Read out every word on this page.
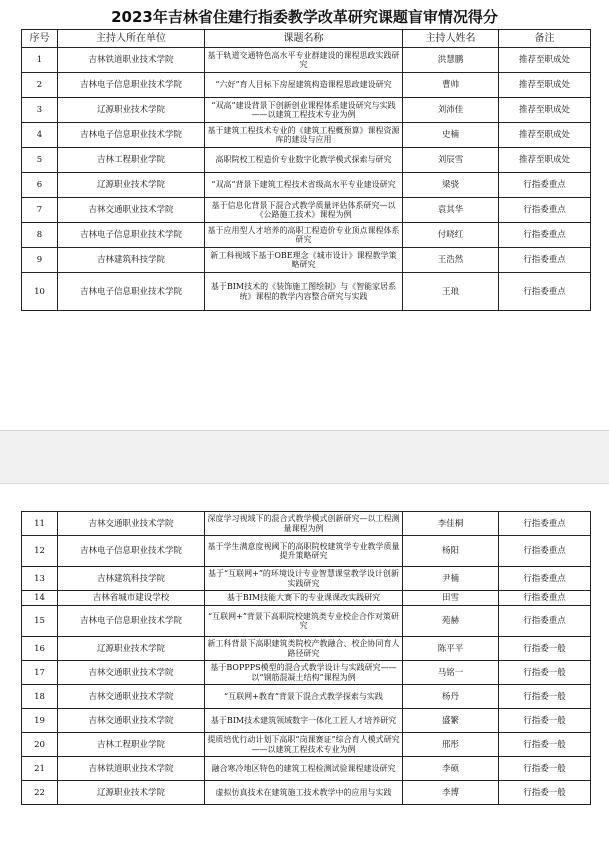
2023年吉林省住建行指委教学改革研究课题盲审情况得分
序号	主持人所在单位	课题名称	主持人姓名	备注
1	吉林铁道职业技术学院	基于轨道交通特色高水平专业群建设的课程思政实践研究	洪慧鹏	推荐至职成处
2	吉林电子信息职业技术学院	“六好”育人目标下房屋建筑构造课程思政建设研究	曹帅	推荐至职成处
3	辽源职业技术学院	“双高”建设背景下创新创业课程体系建设研究与实践——以建筑工程技术专业为例	刘沛佳	推荐至职成处
4	吉林电子信息职业技术学院	基于建筑工程技术专业的《建筑工程概预算》课程资源库的建设与应用	史楠	推荐至职成处
5	吉林工程职业学院	高职院校工程造价专业数字化教学模式探索与研究	刘辰雪	推荐至职成处
6	辽源职业技术学院	“双高”背景下建筑工程技术省级高水平专业建设研究	梁骁	行指委重点
7	吉林交通职业技术学院	基于信息化背景下混合式教学质量评估体系研究—以《公路施工技术》课程为例	袁其华	行指委重点
8	吉林电子信息职业技术学院	基于应用型人才培养的高职工程造价专业顶点课程体系研究	付晓红	行指委重点
9	吉林建筑科技学院	新工科视域下基于OBE理念《城市设计》课程教学策略研究	王浩然	行指委重点
10	吉林电子信息职业技术学院	基于BIM技术的《装饰施工图绘制》与《智能家居系统》课程的教学内容整合研究与实践	王琅	行指委重点
11	吉林交通职业技术学院	深度学习视域下的混合式教学模式创新研究—以工程测量课程为例	李佳桐	行指委重点
12	吉林电子信息职业技术学院	基于学生满意度视阈下的高职院校建筑学专业教学质量提升策略研究	杨阳	行指委重点
13	吉林建筑科技学院	基于“互联网+”的环境设计专业智慧课堂教学设计创新实践研究	尹楠	行指委重点
14	吉林省城市建设学校	基于BIM技能大赛下的专业课课改实践研究	田雪	行指委重点
15	吉林电子信息职业技术学院	“互联网+”背景下高职院校建筑类专业校企合作对策研究	苑赫	行指委重点
16	辽源职业技术学院	新工科背景下高职建筑类院校产教融合、校企协同育人路径研究	陈平平	行指委一般
17	吉林交通职业技术学院	基于BOPPPS模型的混合式教学设计与实践研究——以“钢筋混凝土结构”课程为例	马铭一	行指委一般
18	吉林交通职业技术学院	“互联网+教育”背景下混合式教学探索与实践	杨丹	行指委一般
19	吉林交通职业技术学院	基于BIM技术建筑领域数字一体化工匠人才培养研究	盛繁	行指委一般
20	吉林工程职业学院	提质培优行动计划下高职“岗课赛证”综合育人模式研究——以建筑工程技术专业为例	邢彤	行指委一般
21	吉林铁道职业技术学院	融合寒冷地区特色的建筑工程检测试验课程建设研究	李硕	行指委一般
22	辽源职业技术学院	虚拟仿真技术在建筑施工技术教学中的应用与实践	李博	行指委一般
